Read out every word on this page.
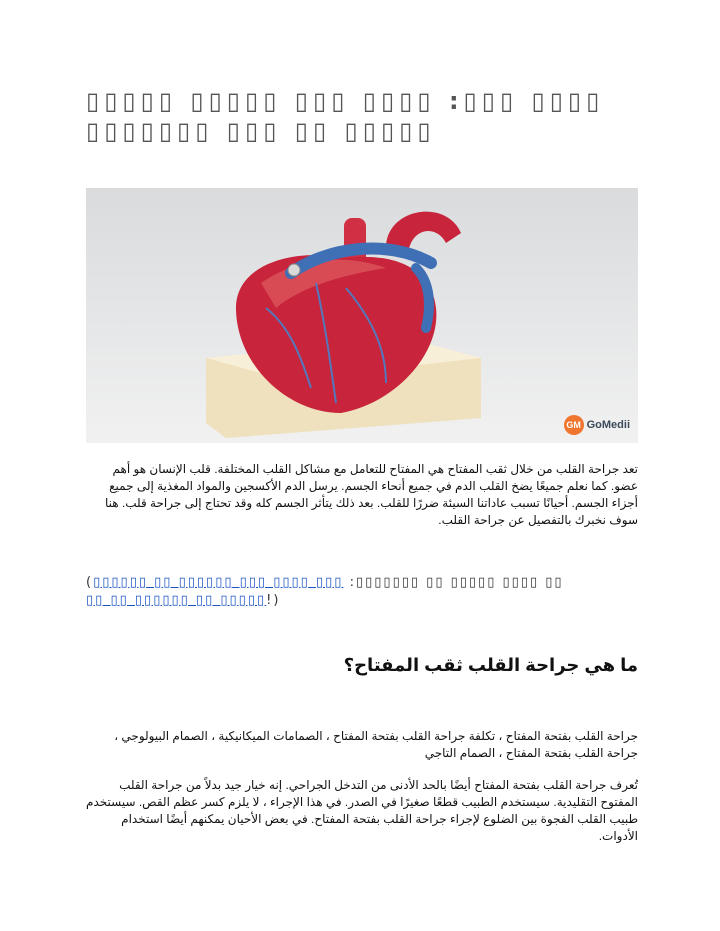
▯▯▯▯▯ ▯▯▯▯▯ ▯▯▯ ▯▯▯▯ :▯▯▯ ▯▯▯▯
▯▯▯▯▯▯▯ ▯▯▯ ▯▯ ▯▯▯▯▯
GM GoMedii

تعد جراحة القلب من خلال ثقب المفتاح هي المفتاح للتعامل مع مشاكل القلب المختلفة. قلب الإنسان هو أهم عضو. كما نعلم جميعًا يضخ القلب الدم في جميع أنحاء الجسم. يرسل الدم الأكسجين والمواد المغذية إلى جميع أجزاء الجسم. أحيانًا تسبب عاداتنا السيئة ضررًا للقلب. بعد ذلك يتأثر الجسم كله وقد تحتاج إلى جراحة قلب. هنا سوف نخبرك بالتفصيل عن جراحة القلب.

(▯▯▯▯▯▯ ▯▯ ▯▯▯▯▯▯ ▯▯▯ ▯▯▯▯ ▯▯▯ :▯▯▯▯▯▯▯ ▯▯ ▯▯▯▯▯ ▯▯▯▯ ▯▯
▯▯ ▯▯ ▯▯▯▯▯▯ ▯▯ ▯▯▯▯▯!)
ما هي جراحة القلب ثقب المفتاح؟

جراحة القلب بفتحة المفتاح ، تكلفة جراحة القلب بفتحة المفتاح ، الصمامات الميكانيكية ، الصمام البيولوجي ، جراحة القلب بفتحة المفتاح ، الصمام التاجي

تُعرف جراحة القلب بفتحة المفتاح أيضًا بالحد الأدنى من التدخل الجراحي. إنه خيار جيد بدلاً من جراحة القلب المفتوح التقليدية. سيستخدم الطبيب قطعًا صغيرًا في الصدر. في هذا الإجراء ، لا يلزم كسر عظم القص. سيستخدم طبيب القلب الفجوة بين الضلوع لإجراء جراحة القلب بفتحة المفتاح. في بعض الأحيان يمكنهم أيضًا استخدام الأدوات.
